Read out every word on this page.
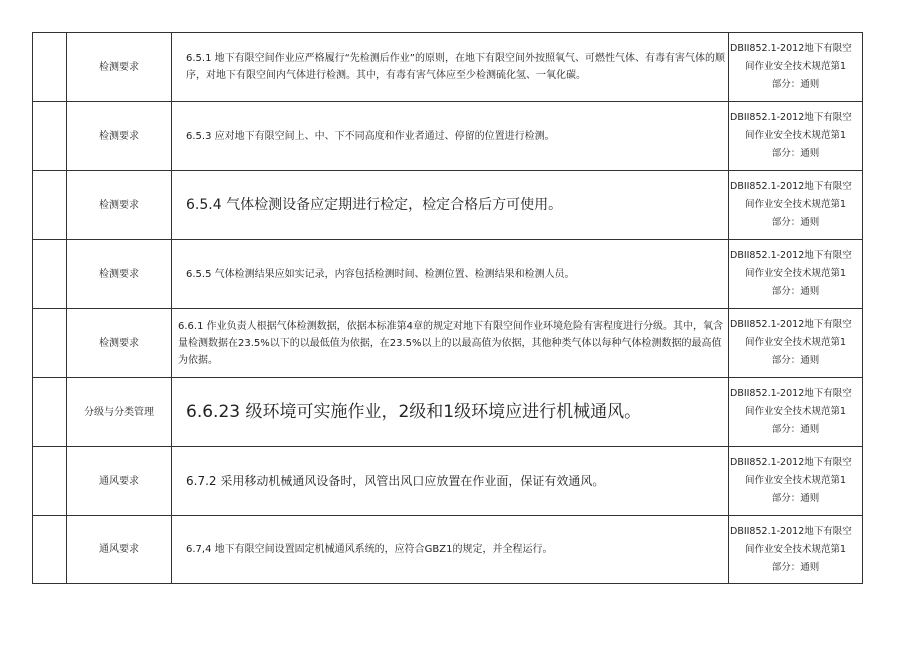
	检测要求	6.5.1 地下有限空间作业应严格履行“先检测后作业”的原则，在地下有限空间外按照氧气、可燃性气体、有毒有害气体的顺序，对地下有限空间内气体进行检测。其中，有毒有害气体应至少检测硫化氢、一氧化碳。	DBII852.1-2012地下有限空
间作业安全技术规范第1
部分：通则

	检测要求	6.5.3 应对地下有限空间上、中、下不同高度和作业者通过、停留的位置进行检测。	DBII852.1-2012地下有限空
间作业安全技术规范第1
部分：通则

	检测要求	6.5.4 气体检测设备应定期进行检定，检定合格后方可使用。	DBII852.1-2012地下有限空
间作业安全技术规范第1
部分：通则

	检测要求	6.5.5 气体检测结果应如实记录，内容包括检测时间、检测位置、检测结果和检测人员。	DBII852.1-2012地下有限空
间作业安全技术规范第1
部分：通则

	检测要求	6.6.1 作业负责人根据气体检测数据，依据本标准第4章的规定对地下有限空间作业环境危险有害程度进行分级。其中，氧含量检测数据在23.5%以下的以最低值为依据，在23.5%以上的以最高值为依据，其他种类气体以每种气体检测数据的最高值为依据。	DBII852.1-2012地下有限空
间作业安全技术规范第1
部分：通则

	分级与分类管理	6.6.23 级环境可实施作业，2级和1级环境应进行机械通风。	DBII852.1-2012地下有限空
间作业安全技术规范第1
部分：通则

	通风要求	6.7.2 采用移动机械通风设备时，风管出风口应放置在作业面，保证有效通风。	DBII852.1-2012地下有限空
间作业安全技术规范第1
部分：通则

	通风要求	6.7,4 地下有限空间设置固定机械通风系统的，应符合GBZ1的规定，并全程运行。	DBII852.1-2012地下有限空
间作业安全技术规范第1
部分：通则
